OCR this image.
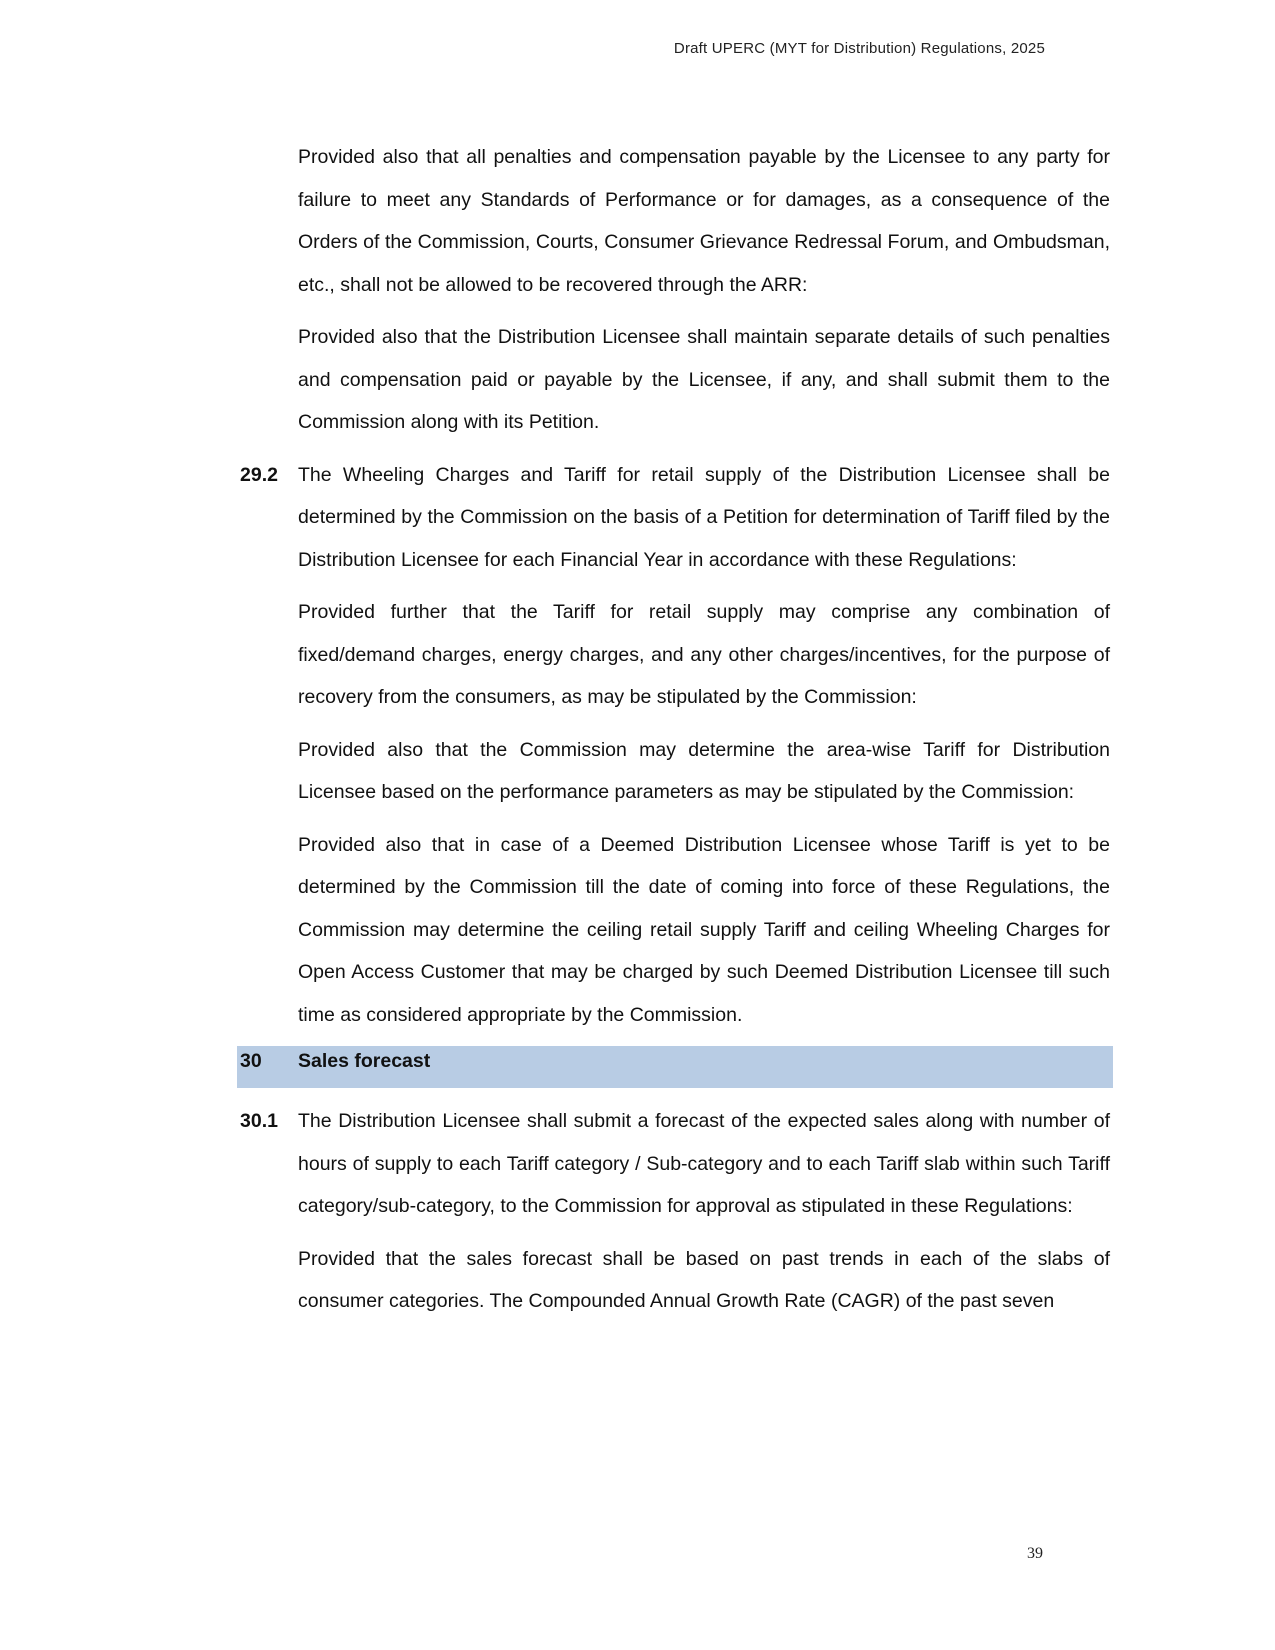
Draft UPERC (MYT for Distribution) Regulations, 2025

Provided also that all penalties and compensation payable by the Licensee to any party for failure to meet any Standards of Performance or for damages, as a consequence of the Orders of the Commission, Courts, Consumer Grievance Redressal Forum, and Ombudsman, etc., shall not be allowed to be recovered through the ARR:

Provided also that the Distribution Licensee shall maintain separate details of such penalties and compensation paid or payable by the Licensee, if any, and shall submit them to the Commission along with its Petition.

29.2 The Wheeling Charges and Tariff for retail supply of the Distribution Licensee shall be determined by the Commission on the basis of a Petition for determination of Tariff filed by the Distribution Licensee for each Financial Year in accordance with these Regulations:

Provided further that the Tariff for retail supply may comprise any combination of fixed/demand charges, energy charges, and any other charges/incentives, for the purpose of recovery from the consumers, as may be stipulated by the Commission:

Provided also that the Commission may determine the area-wise Tariff for Distribution Licensee based on the performance parameters as may be stipulated by the Commission:

Provided also that in case of a Deemed Distribution Licensee whose Tariff is yet to be determined by the Commission till the date of coming into force of these Regulations, the Commission may determine the ceiling retail supply Tariff and ceiling Wheeling Charges for Open Access Customer that may be charged by such Deemed Distribution Licensee till such time as considered appropriate by the Commission.

30 Sales forecast
30.1 The Distribution Licensee shall submit a forecast of the expected sales along with number of hours of supply to each Tariff category / Sub-category and to each Tariff slab within such Tariff category/sub-category, to the Commission for approval as stipulated in these Regulations:

Provided that the sales forecast shall be based on past trends in each of the slabs of consumer categories. The Compounded Annual Growth Rate (CAGR) of the past seven

39
